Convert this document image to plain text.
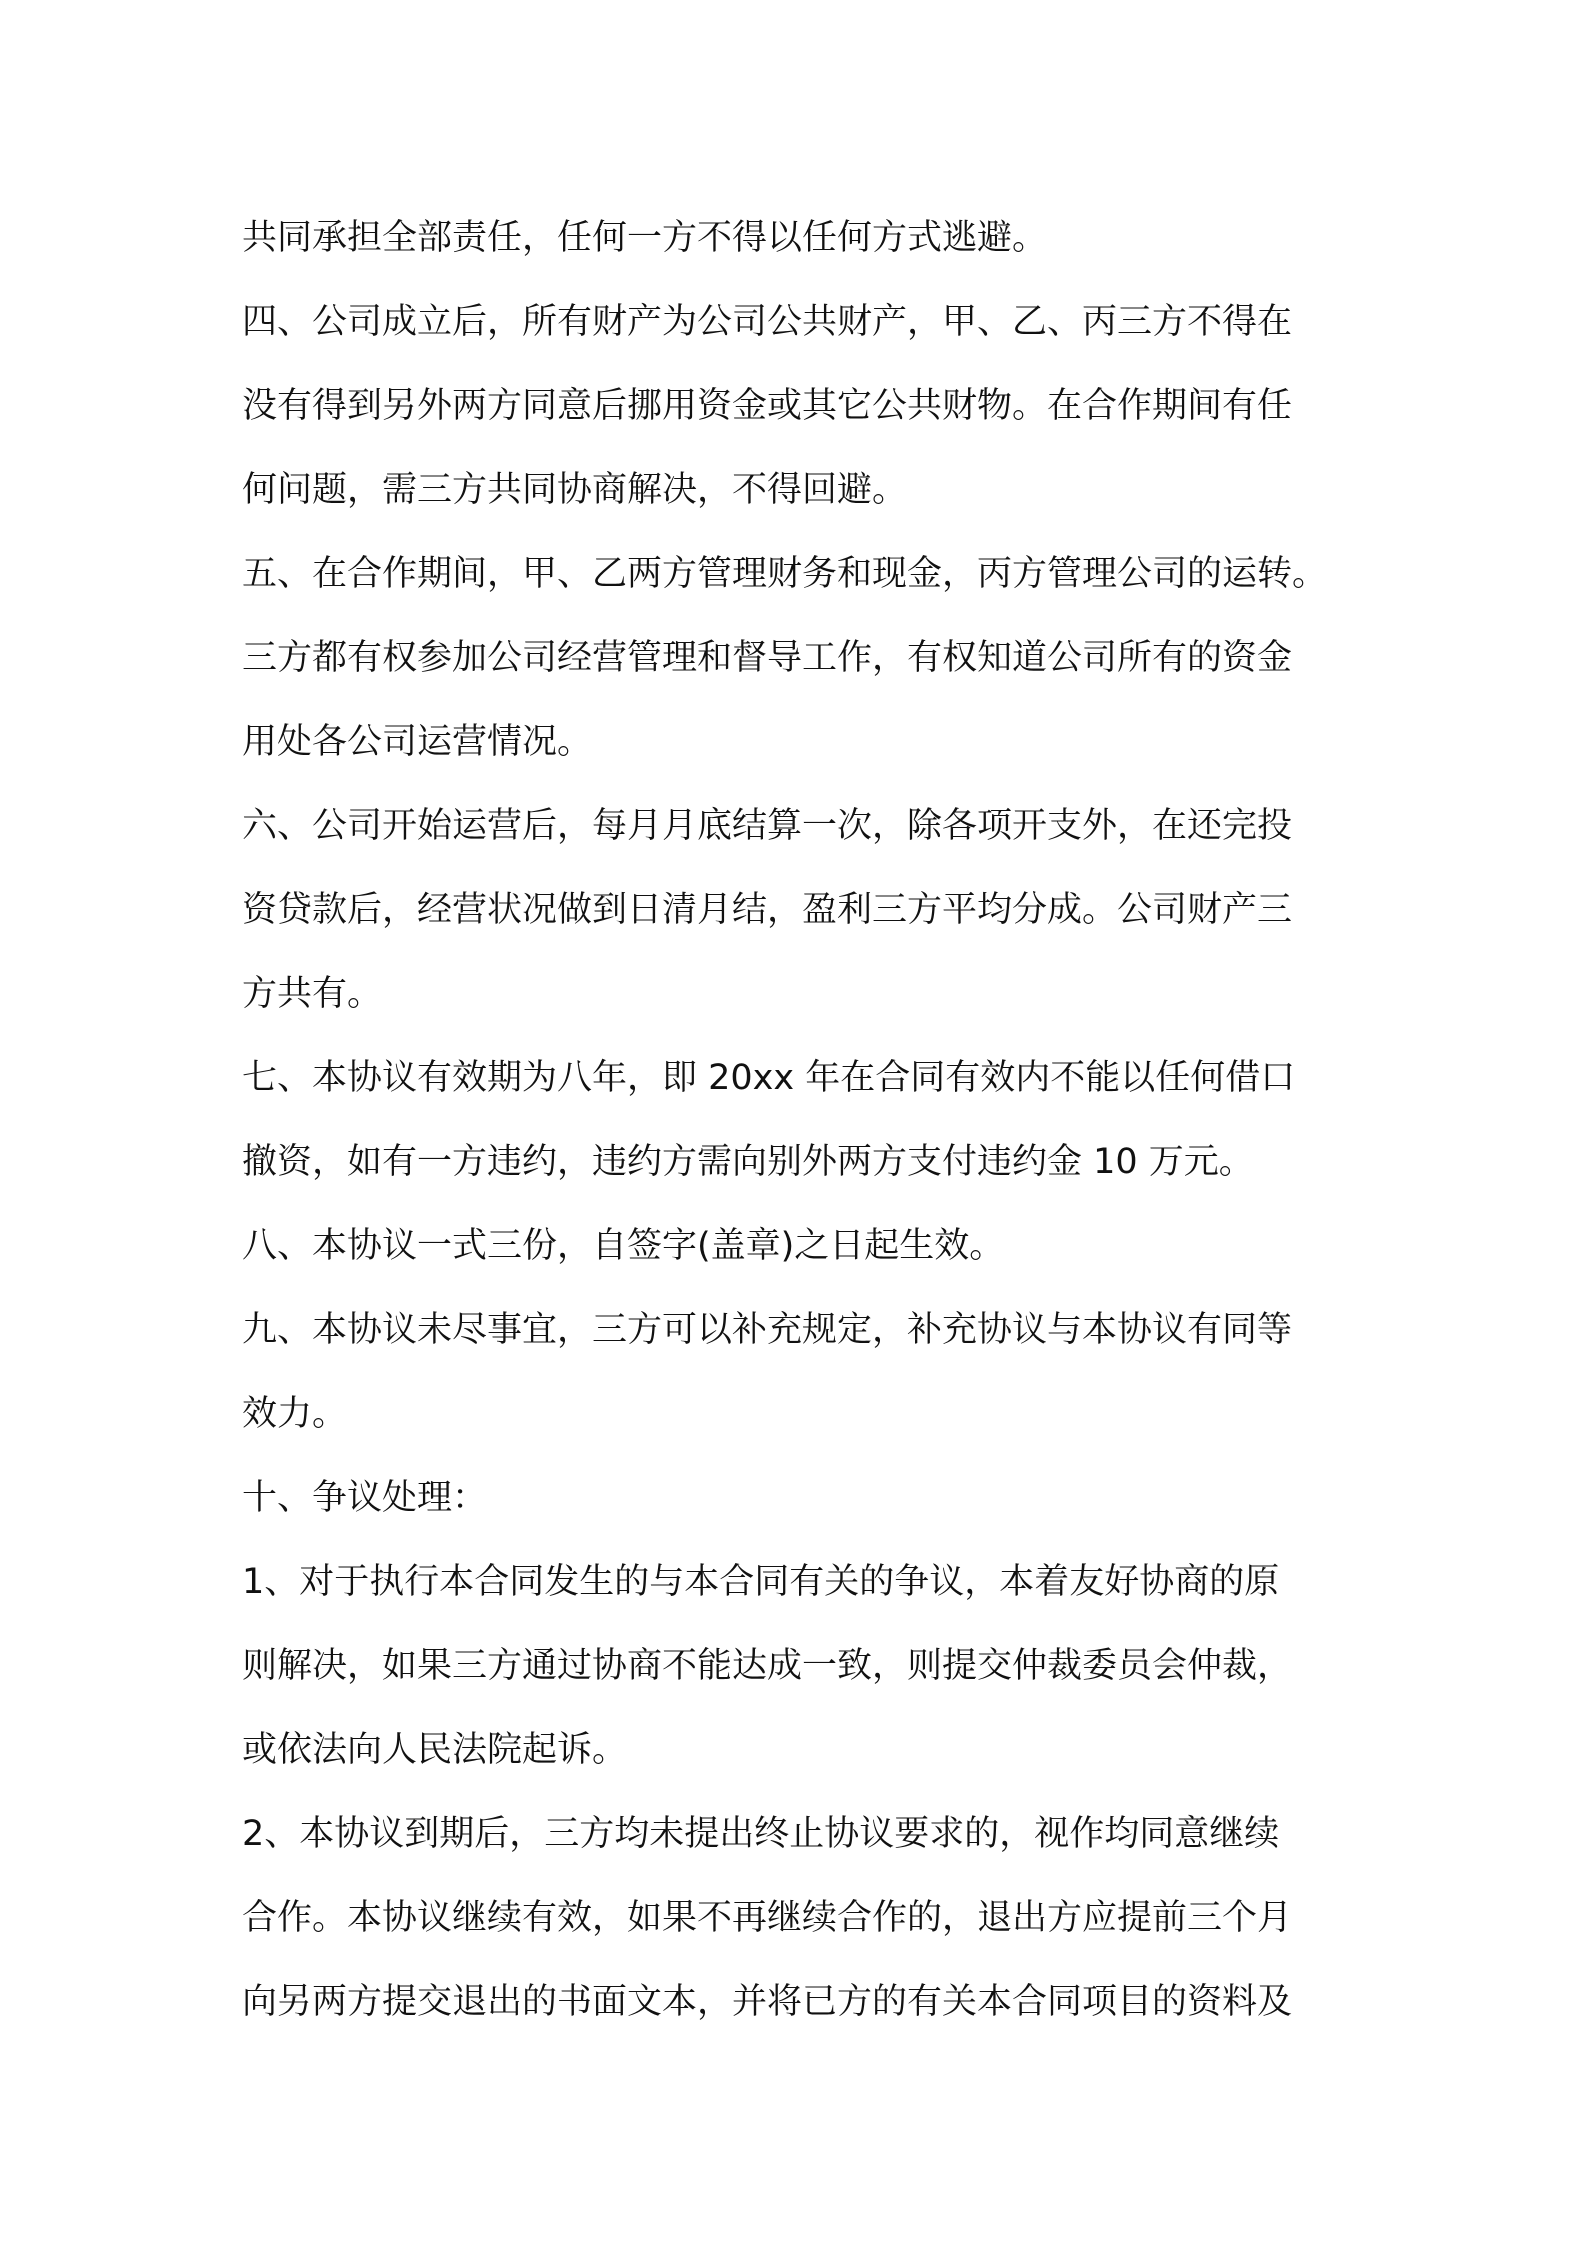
共同承担全部责任，任何一方不得以任何方式逃避。
四、公司成立后，所有财产为公司公共财产，甲、乙、丙三方不得在
没有得到另外两方同意后挪用资金或其它公共财物。在合作期间有任
何问题，需三方共同协商解决，不得回避。
五、在合作期间，甲、乙两方管理财务和现金，丙方管理公司的运转。
三方都有权参加公司经营管理和督导工作，有权知道公司所有的资金
用处各公司运营情况。
六、公司开始运营后，每月月底结算一次，除各项开支外，在还完投
资贷款后，经营状况做到日清月结，盈利三方平均分成。公司财产三
方共有。
七、本协议有效期为八年，即 20xx 年在合同有效内不能以任何借口
撤资，如有一方违约，违约方需向别外两方支付违约金 10 万元。
八、本协议一式三份，自签字(盖章)之日起生效。
九、本协议未尽事宜，三方可以补充规定，补充协议与本协议有同等
效力。
十、争议处理：
1、对于执行本合同发生的与本合同有关的争议，本着友好协商的原
则解决，如果三方通过协商不能达成一致，则提交仲裁委员会仲裁，
或依法向人民法院起诉。
2、本协议到期后，三方均未提出终止协议要求的，视作均同意继续
合作。本协议继续有效，如果不再继续合作的，退出方应提前三个月
向另两方提交退出的书面文本，并将已方的有关本合同项目的资料及
